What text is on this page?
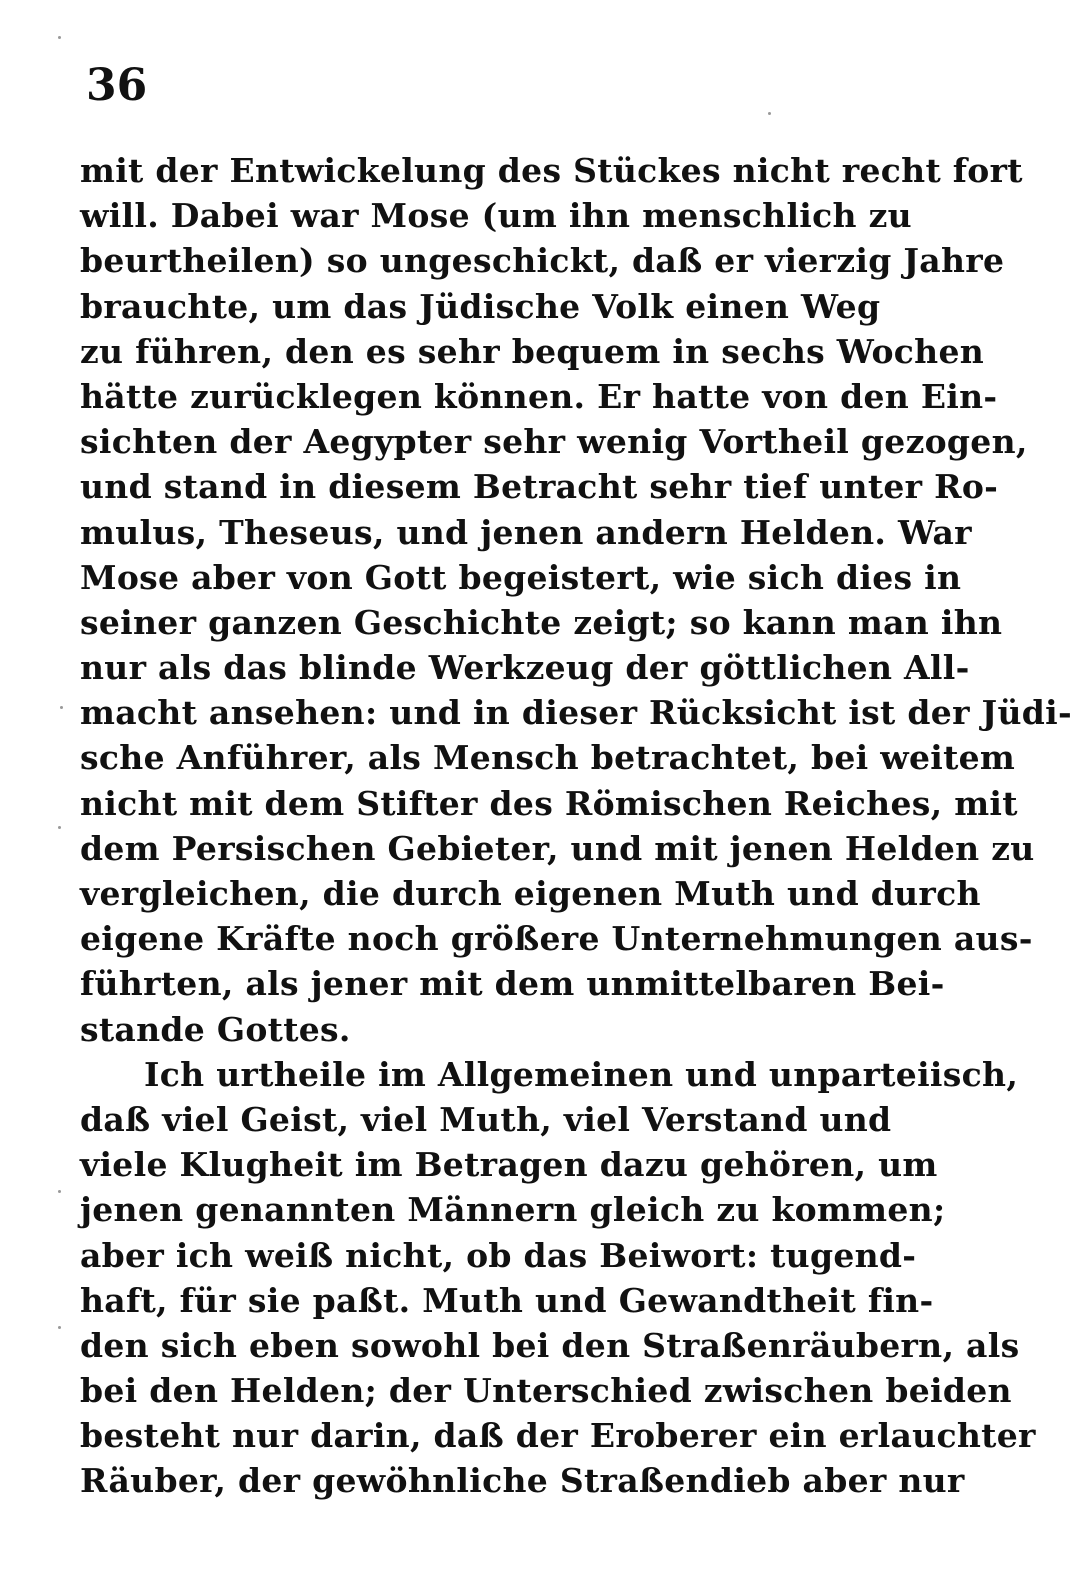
36
mit der Entwickelung des Stückes nicht recht fort
will. Dabei war Mose (um ihn menschlich zu
beurtheilen) so ungeschickt, daß er vierzig Jahre
brauchte, um das Jüdische Volk einen Weg
zu führen, den es sehr bequem in sechs Wochen
hätte zurücklegen können. Er hatte von den Ein-
sichten der Aegypter sehr wenig Vortheil gezogen,
und stand in diesem Betracht sehr tief unter Ro-
mulus, Theseus, und jenen andern Helden. War
Mose aber von Gott begeistert, wie sich dies in
seiner ganzen Geschichte zeigt; so kann man ihn
nur als das blinde Werkzeug der göttlichen All-
macht ansehen: und in dieser Rücksicht ist der Jüdi-
sche Anführer, als Mensch betrachtet, bei weitem
nicht mit dem Stifter des Römischen Reiches, mit
dem Persischen Gebieter, und mit jenen Helden zu
vergleichen, die durch eigenen Muth und durch
eigene Kräfte noch größere Unternehmungen aus-
führten, als jener mit dem unmittelbaren Bei-
stande Gottes.
Ich urtheile im Allgemeinen und unparteiisch,
daß viel Geist, viel Muth, viel Verstand und
viele Klugheit im Betragen dazu gehören, um
jenen genannten Männern gleich zu kommen;
aber ich weiß nicht, ob das Beiwort: tugend-
haft, für sie paßt. Muth und Gewandtheit fin-
den sich eben sowohl bei den Straßenräubern, als
bei den Helden; der Unterschied zwischen beiden
besteht nur darin, daß der Eroberer ein erlauchter
Räuber, der gewöhnliche Straßendieb aber nur
